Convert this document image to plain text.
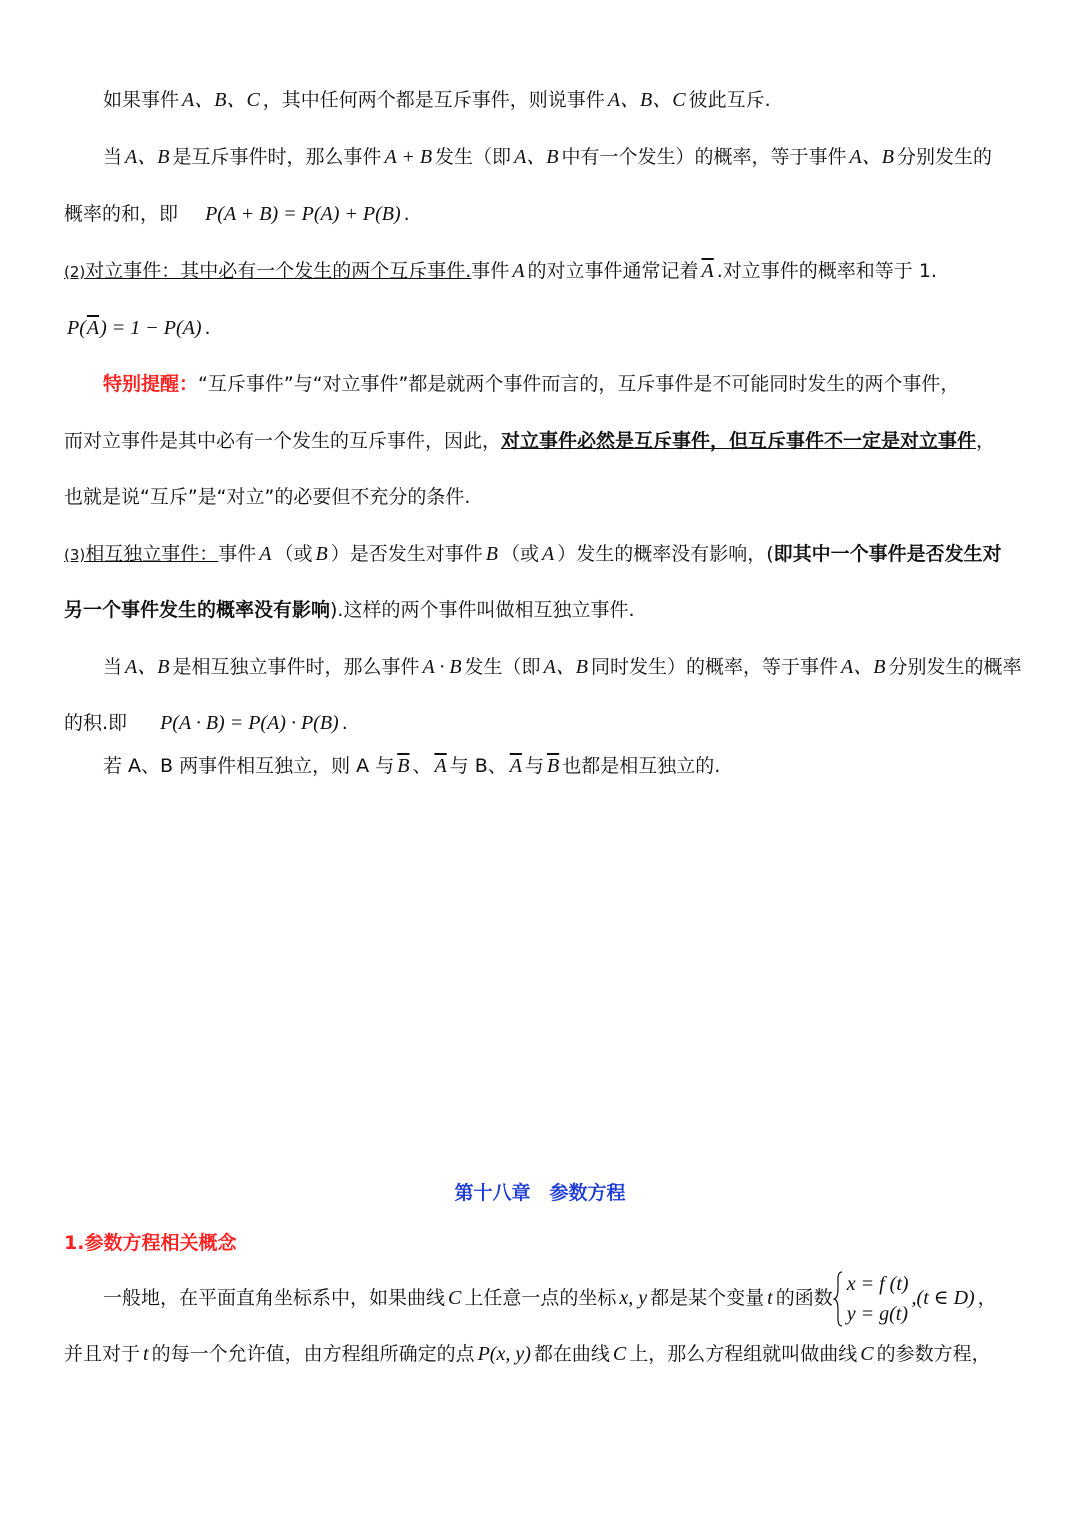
如果事件 A、B、C ，其中任何两个都是互斥事件，则说事件 A、B、C 彼此互斥.
当 A、B 是互斥事件时，那么事件 A + B 发生（即 A、B 中有一个发生）的概率，等于事件 A、B 分别发生的
概率的和，即 P(A + B) = P(A) + P(B) .
(2)对立事件：其中必有一个发生的两个互斥事件.事件 A 的对立事件通常记着 $\overline{A}$ .对立事件的概率和等于 1.
$P(\overline{A}) = 1 - P(A)$ .
特别提醒：“互斥事件”与“对立事件”都是就两个事件而言的，互斥事件是不可能同时发生的两个事件，
而对立事件是其中必有一个发生的互斥事件，因此，对立事件必然是互斥事件，但互斥事件不一定是对立事件，
也就是说“互斥”是“对立”的必要但不充分的条件.
(3)相互独立事件：事件 A （或 B ）是否发生对事件 B （或 A ）发生的概率没有影响，(即其中一个事件是否发生对
另一个事件发生的概率没有影响).这样的两个事件叫做相互独立事件.
当 A、B 是相互独立事件时，那么事件 A · B 发生（即 A、B 同时发生）的概率，等于事件 A、B 分别发生的概率
的积.即 P(A · B) = P(A) · P(B) .
若 A、B 两事件相互独立，则 A 与 $\overline{B}$ 、 $\overline{A}$ 与 B、 $\overline{A}$ 与 $\overline{B}$ 也都是相互独立的.
第十八章　参数方程
1.参数方程相关概念
一般地，在平面直角坐标系中，如果曲线 C 上任意一点的坐标 x, y 都是某个变量 t 的函数
x = f (t)
y = g(t)
,(t ∈ D) ，
并且对于 t 的每一个允许值，由方程组所确定的点 P(x, y) 都在曲线 C 上，那么方程组就叫做曲线 C 的参数方程，
